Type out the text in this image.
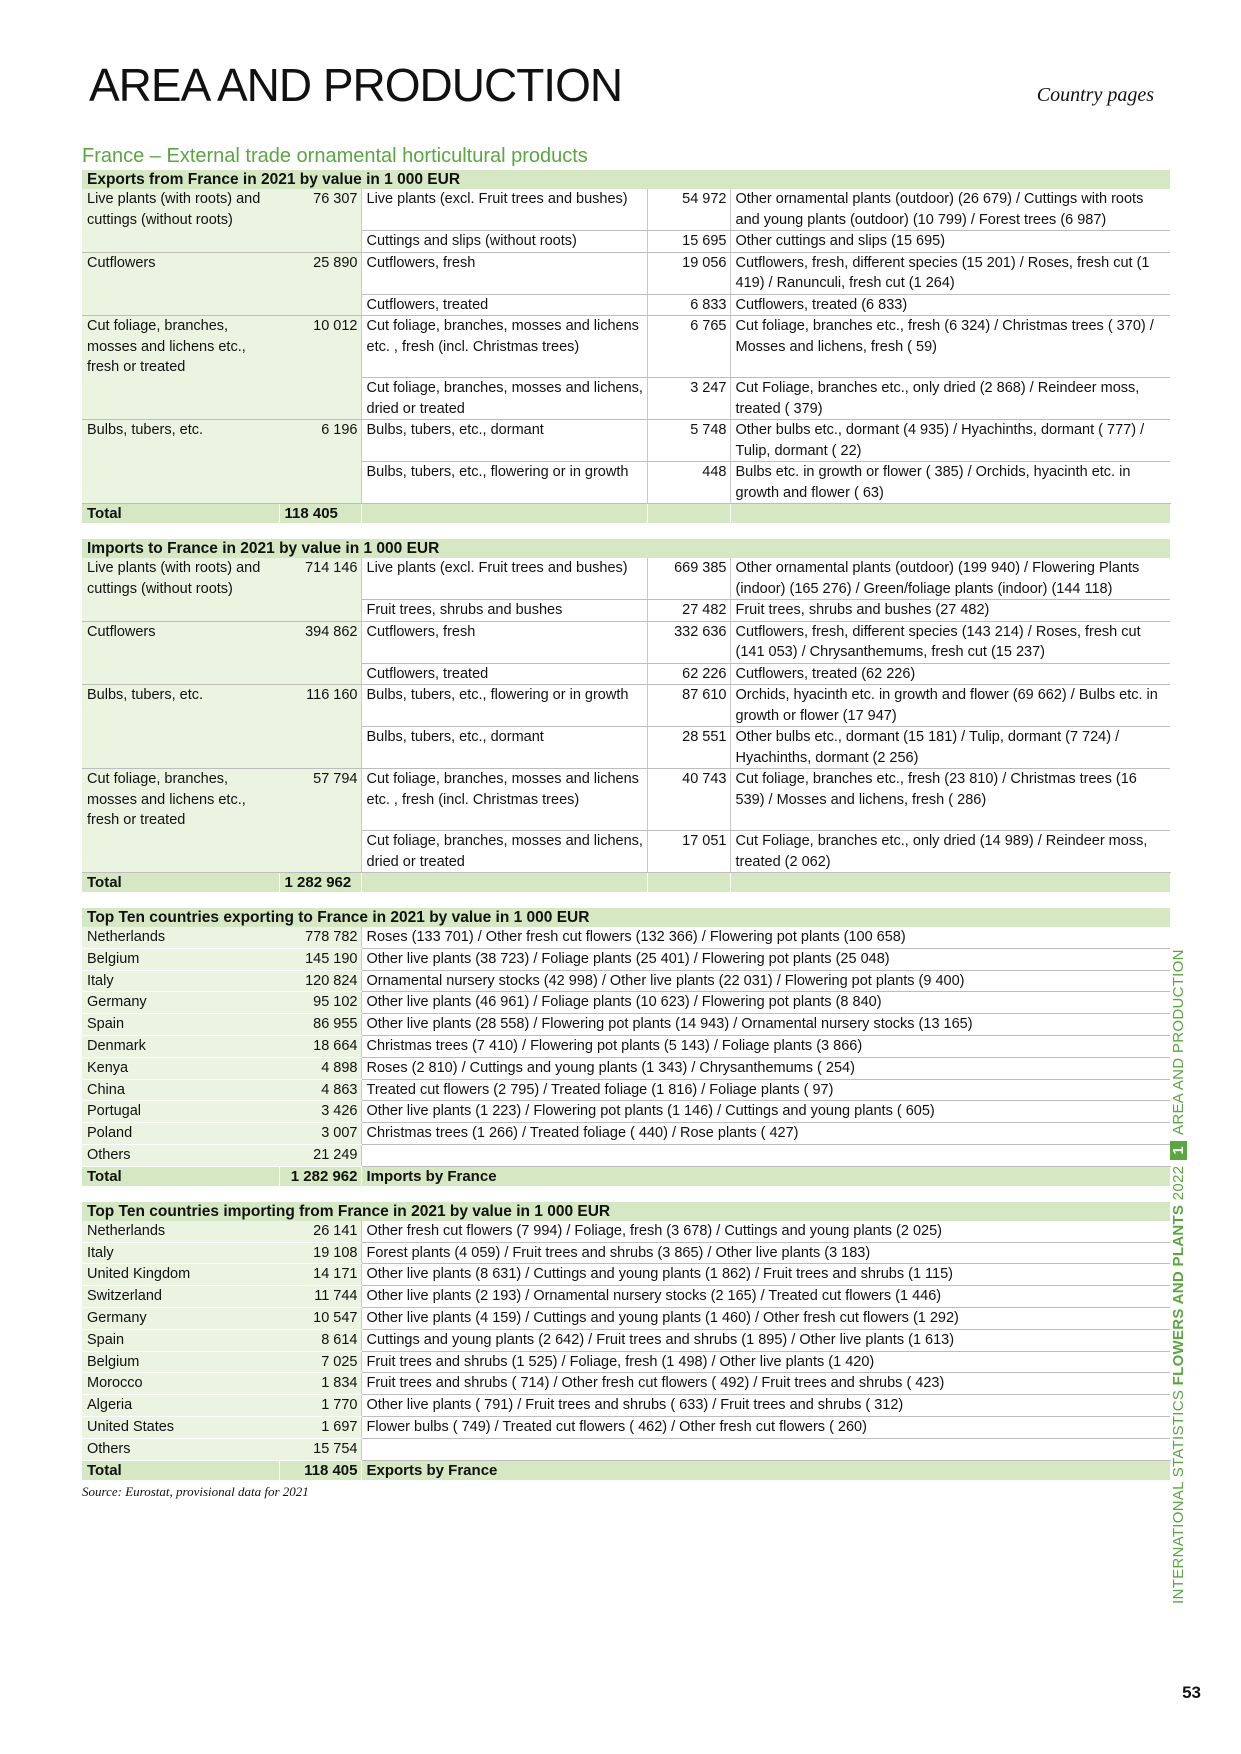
AREA AND PRODUCTION	Country pages
France – External trade ornamental horticultural products
Exports from France in 2021 by value in 1 000 EUR				
Live plants (with roots) and cuttings (without roots)	76 307	Live plants (excl. Fruit trees and bushes)	54 972	Other ornamental plants (outdoor) (26 679) / Cuttings with roots and young plants (outdoor) (10 799) / Forest trees (6 987)
		Cuttings and slips (without roots)	15 695	Other cuttings and slips (15 695)
Cutflowers	25 890	Cutflowers, fresh	19 056	Cutflowers, fresh, different species (15 201) / Roses, fresh cut (1 419) / Ranunculi, fresh cut (1 264)
		Cutflowers, treated	6 833	Cutflowers, treated (6 833)
Cut foliage, branches, mosses and lichens etc., fresh or treated	10 012	Cut foliage, branches, mosses and lichens etc. , fresh (incl. Christmas trees)	6 765	Cut foliage, branches etc., fresh (6 324) / Christmas trees ( 370) / Mosses and lichens, fresh ( 59)
		Cut foliage, branches, mosses and lichens, dried or treated	3 247	Cut Foliage, branches etc., only dried (2 868) / Reindeer moss, treated ( 379)
Bulbs, tubers, etc.	6 196	Bulbs, tubers, etc., dormant	5 748	Other bulbs etc., dormant (4 935) / Hyachinths, dormant ( 777) / Tulip, dormant ( 22)
		Bulbs, tubers, etc., flowering or in growth	448	Bulbs etc. in growth or flower ( 385) / Orchids, hyacinth etc. in growth and flower ( 63)
Total	118 405			
Imports to France in 2021 by value in 1 000 EUR				
Live plants (with roots) and cuttings (without roots)	714 146	Live plants (excl. Fruit trees and bushes)	669 385	Other ornamental plants (outdoor) (199 940) / Flowering Plants (indoor) (165 276) / Green/foliage plants (indoor) (144 118)
		Fruit trees, shrubs and bushes	27 482	Fruit trees, shrubs and bushes (27 482)
Cutflowers	394 862	Cutflowers, fresh	332 636	Cutflowers, fresh, different species (143 214) / Roses, fresh cut (141 053) / Chrysanthemums, fresh cut (15 237)
		Cutflowers, treated	62 226	Cutflowers, treated (62 226)
Bulbs, tubers, etc.	116 160	Bulbs, tubers, etc., flowering or in growth	87 610	Orchids, hyacinth etc. in growth and flower (69 662) / Bulbs etc. in growth or flower (17 947)
		Bulbs, tubers, etc., dormant	28 551	Other bulbs etc., dormant (15 181) / Tulip, dormant (7 724) / Hyachinths, dormant (2 256)
Cut foliage, branches, mosses and lichens etc., fresh or treated	57 794	Cut foliage, branches, mosses and lichens etc. , fresh (incl. Christmas trees)	40 743	Cut foliage, branches etc., fresh (23 810) / Christmas trees (16 539) / Mosses and lichens, fresh ( 286)
		Cut foliage, branches, mosses and lichens, dried or treated	17 051	Cut Foliage, branches etc., only dried (14 989) / Reindeer moss, treated (2 062)
Total	1 282 962			
Top Ten countries exporting to France in 2021 by value in 1 000 EUR		
Netherlands	778 782	Roses (133 701) / Other fresh cut flowers (132 366) / Flowering pot plants (100 658)
Belgium	145 190	Other live plants (38 723) / Foliage plants (25 401) / Flowering pot plants (25 048)
Italy	120 824	Ornamental nursery stocks (42 998) / Other live plants (22 031) / Flowering pot plants (9 400)
Germany	95 102	Other live plants (46 961) / Foliage plants (10 623) / Flowering pot plants (8 840)
Spain	86 955	Other live plants (28 558) / Flowering pot plants (14 943) / Ornamental nursery stocks (13 165)
Denmark	18 664	Christmas trees (7 410) / Flowering pot plants (5 143) / Foliage plants (3 866)
Kenya	4 898	Roses (2 810) / Cuttings and young plants (1 343) / Chrysanthemums ( 254)
China	4 863	Treated cut flowers (2 795) / Treated foliage (1 816) / Foliage plants ( 97)
Portugal	3 426	Other live plants (1 223) / Flowering pot plants (1 146) / Cuttings and young plants ( 605)
Poland	3 007	Christmas trees (1 266) / Treated foliage ( 440) / Rose plants ( 427)
Others	21 249	
Total	1 282 962	Imports by France
Top Ten countries importing from France in 2021 by value in 1 000 EUR		
Netherlands	26 141	Other fresh cut flowers (7 994) / Foliage, fresh (3 678) / Cuttings and young plants (2 025)
Italy	19 108	Forest plants (4 059) / Fruit trees and shrubs (3 865) / Other live plants (3 183)
United Kingdom	14 171	Other live plants (8 631) / Cuttings and young plants (1 862) / Fruit trees and shrubs (1 115)
Switzerland	11 744	Other live plants (2 193) / Ornamental nursery stocks (2 165) / Treated cut flowers (1 446)
Germany	10 547	Other live plants (4 159) / Cuttings and young plants (1 460) / Other fresh cut flowers (1 292)
Spain	8 614	Cuttings and young plants (2 642) / Fruit trees and shrubs (1 895) / Other live plants (1 613)
Belgium	7 025	Fruit trees and shrubs (1 525) / Foliage, fresh (1 498) / Other live plants (1 420)
Morocco	1 834	Fruit trees and shrubs ( 714) / Other fresh cut flowers ( 492) / Fruit trees and shrubs ( 423)
Algeria	1 770	Other live plants ( 791) / Fruit trees and shrubs ( 633) / Fruit trees and shrubs ( 312)
United States	1 697	Flower bulbs ( 749) / Treated cut flowers ( 462) / Other fresh cut flowers ( 260)
Others	15 754	
Total	118 405	Exports by France
Source: Eurostat, provisional data for 2021	INTERNATIONAL STATISTICS FLOWERS AND PLANTS 20221AREA AND PRODUCTION
53
